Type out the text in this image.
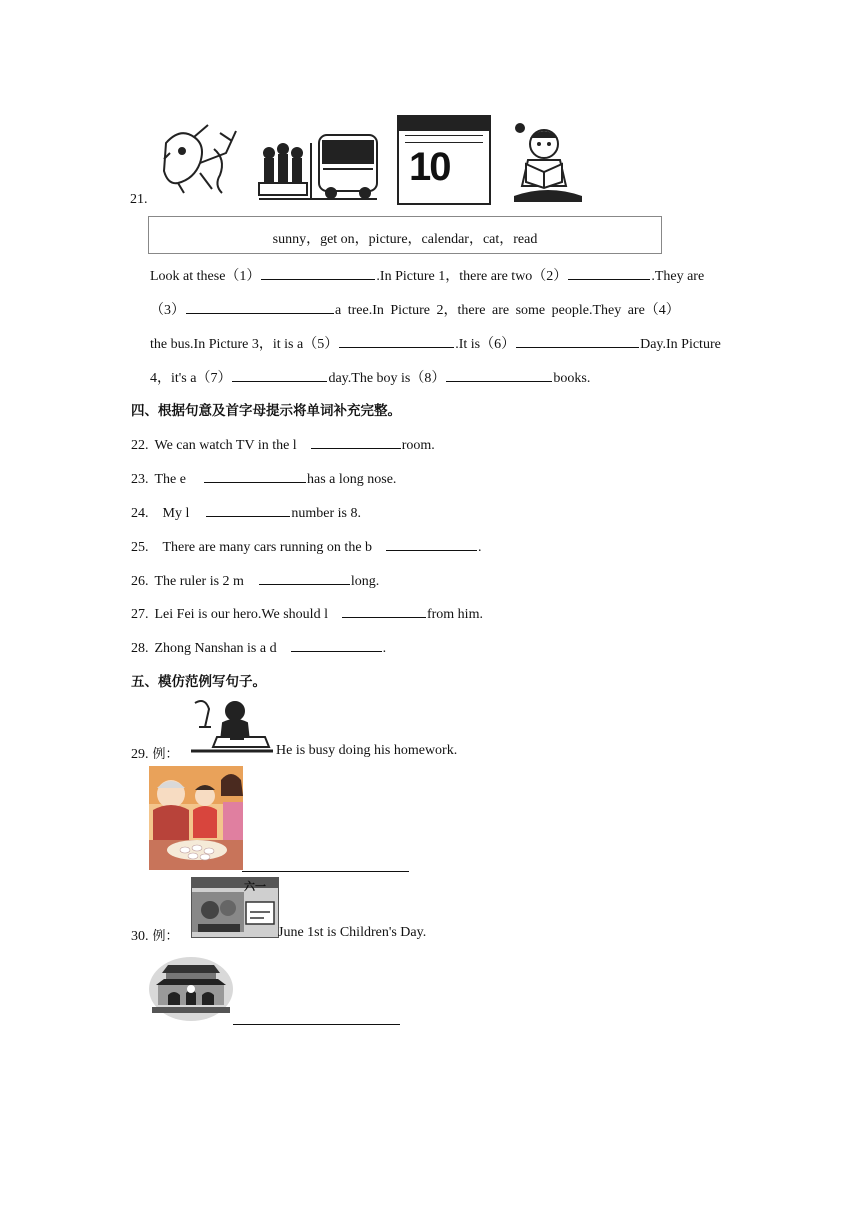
21.
10
sunny，get on，picture，calendar，cat，read
Look at these（1）	.In Picture 1，there are two（2）	.They are
（3）	a tree.In Picture 2，there are some people.They are（4）
the bus.In Picture 3，it is a（5）	.It is（6）	Day.In Picture
4，it's a（7）	day.The boy is（8）	books.
四、根据句意及首字母提示将单词补充完整。
22. We can watch TV in the l	room.
23. The e	has a long nose.
24. My l	number is 8.
25. There are many cars running on the b	.
26. The ruler is 2 m	long.
27. Lei Fei is our hero.We should l	from him.
28. Zhong Nanshan is a d	.
五、模仿范例写句子。
29. 例：	He is busy doing his homework.
30. 例：
六一
June 1st is Children's Day.
